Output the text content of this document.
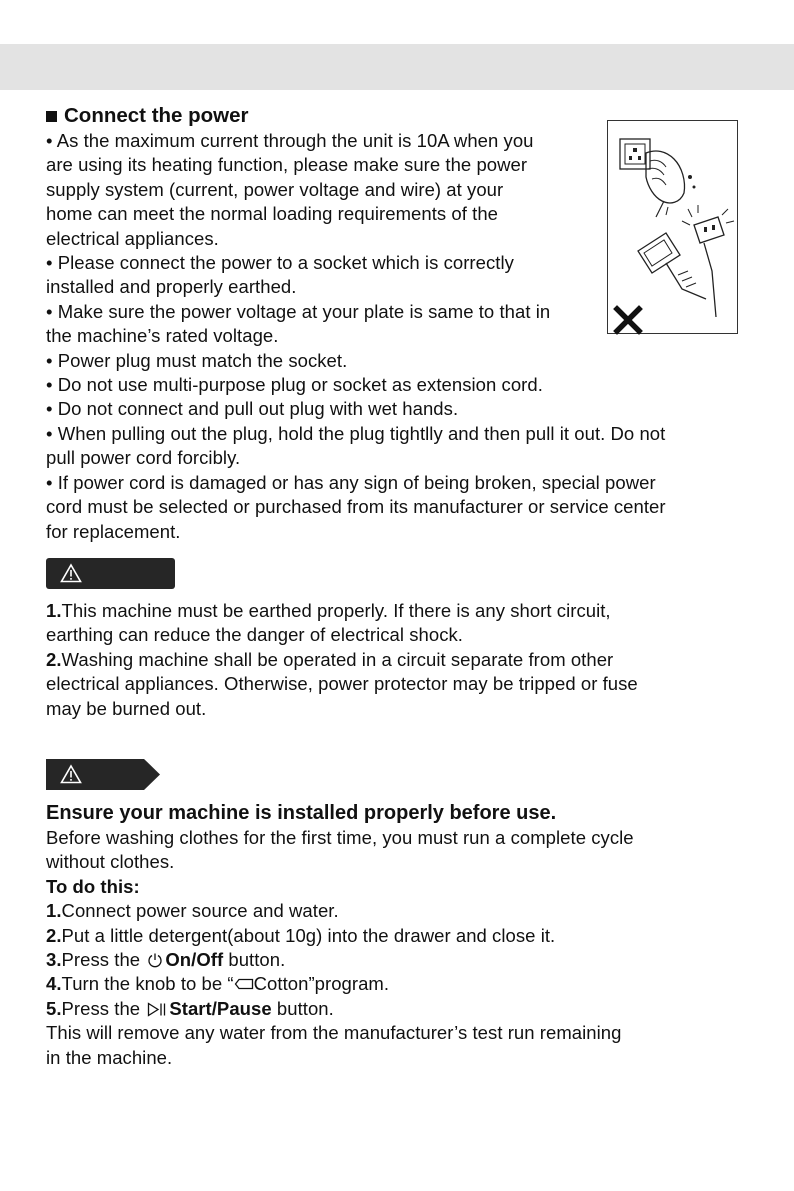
Connect the power
• As the maximum current through the unit is 10A when you
are using its heating function, please make sure the power
supply system (current, power voltage and wire) at your
home can meet the normal loading requirements of the
electrical appliances.
• Please connect the power to a socket which is correctly
installed and properly earthed.
• Make sure the power voltage at your plate is same to that in
the machine’s rated voltage.
• Power plug must match the socket.
• Do not use multi-purpose plug or socket as extension cord.
• Do not connect and pull out plug with wet hands.
• When pulling out the plug, hold the plug tightlly and then pull it out. Do not
pull power cord forcibly.
• If power cord is damaged or has any sign of being broken, special power
cord must be selected or purchased from its manufacturer or service center
for replacement.
1.This machine must be earthed properly. If there is any short circuit,
earthing can reduce the danger of electrical shock.
2.Washing machine shall be operated in a circuit separate from other
electrical appliances. Otherwise, power protector may be tripped or fuse
may be burned out.
Ensure your machine is installed properly before use.
Before washing clothes for the first time, you must run a complete cycle
without clothes.
To do this:
1.Connect power source and water.
2.Put a little detergent(about 10g) into the drawer and close it.
3.Press the On/Off button.
4.Turn the knob to be “ Cotton”program.
5.Press the Start/Pause button.
This will remove any water from the manufacturer’s test run remaining
in the machine.
